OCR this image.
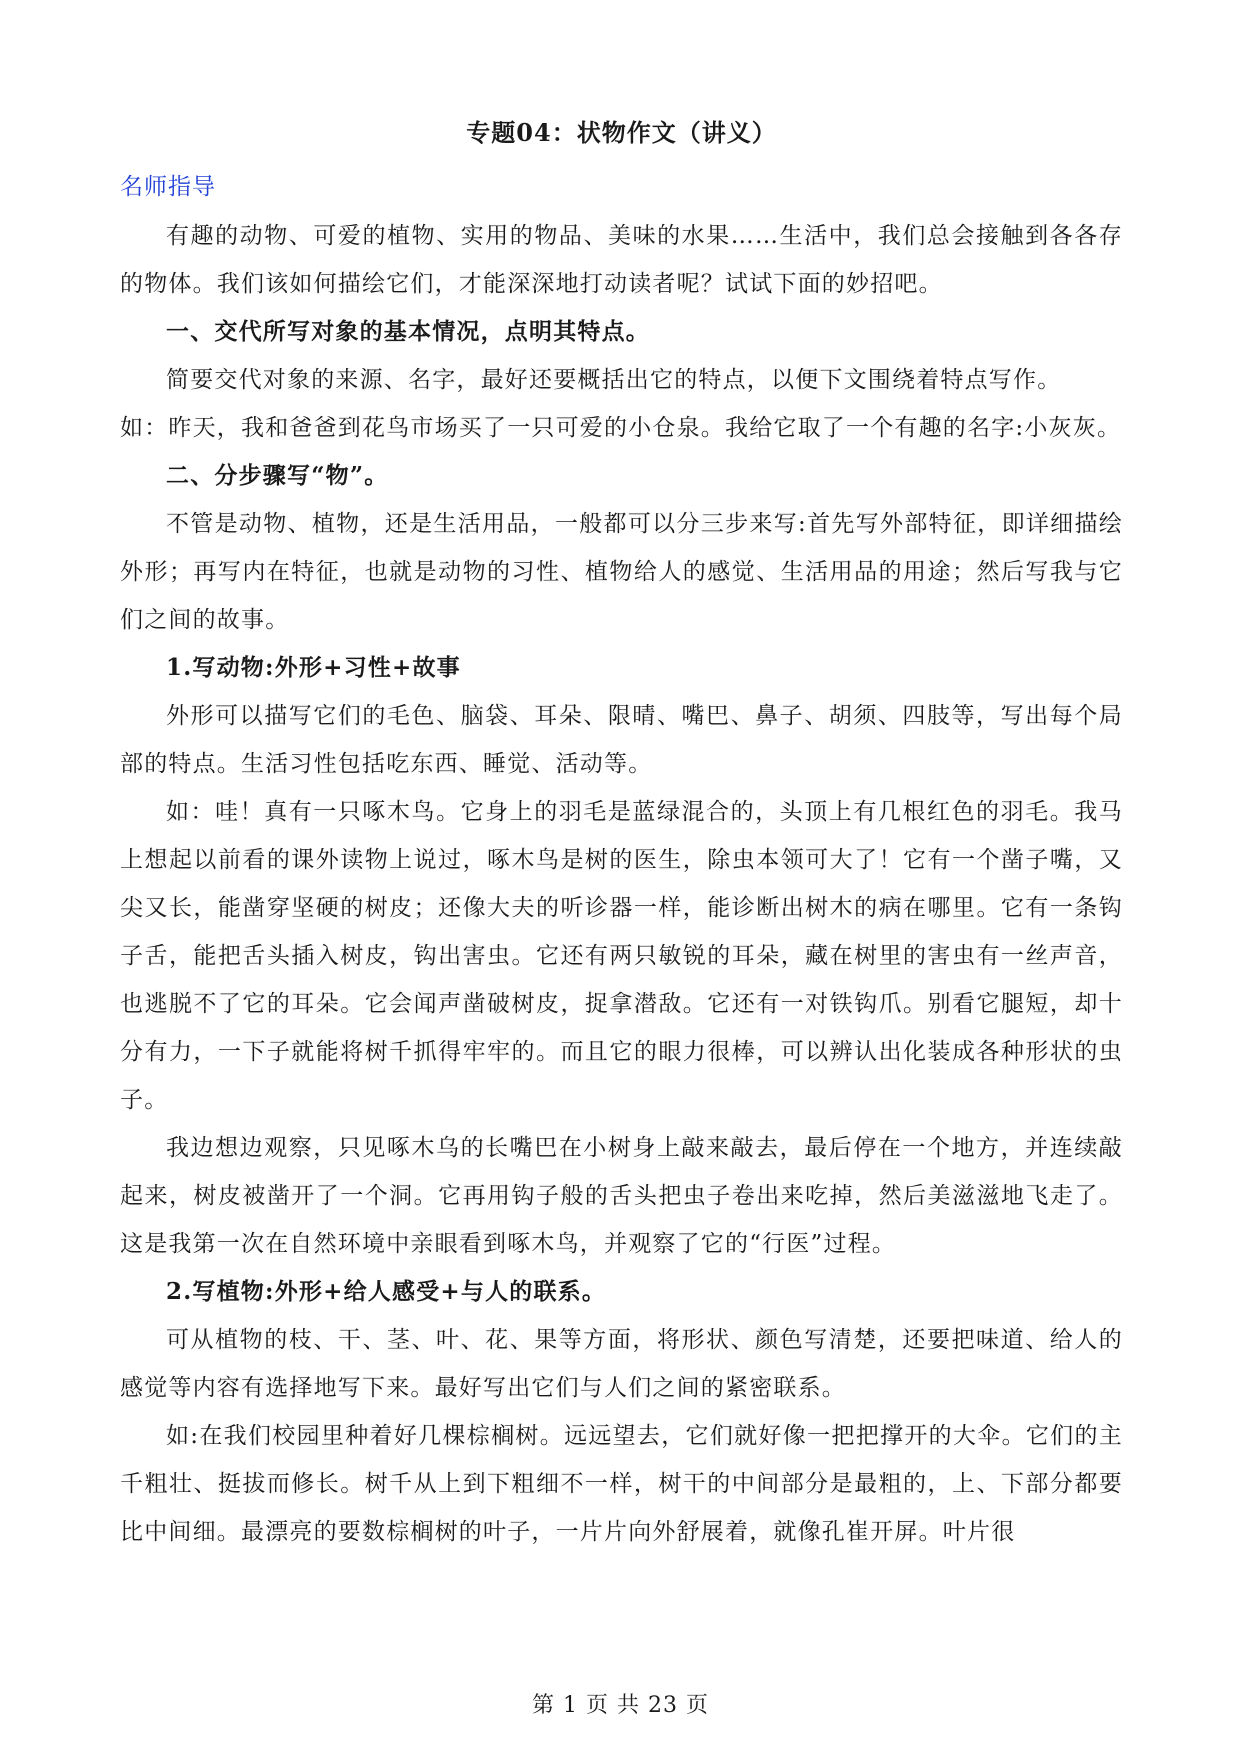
专题04：状物作文（讲义）
名师指导

有趣的动物、可爱的植物、实用的物品、美味的水果……生活中，我们总会接触到各各存的物体。我们该如何描绘它们，才能深深地打动读者呢？试试下面的妙招吧。

一、交代所写对象的基本情况，点明其特点。

简要交代对象的来源、名字，最好还要概括出它的特点，以便下文围绕着特点写作。

如：昨天，我和爸爸到花鸟市场买了一只可爱的小仓泉。我给它取了一个有趣的名字:小灰灰。

二、分步骤写“物”。

不管是动物、植物，还是生活用品，一般都可以分三步来写:首先写外部特征，即详细描绘外形；再写内在特征，也就是动物的习性、植物给人的感觉、生活用品的用途；然后写我与它们之间的故事。

1.写动物:外形+习性+故事

外形可以描写它们的毛色、脑袋、耳朵、限晴、嘴巴、鼻子、胡须、四肢等，写出每个局部的特点。生活习性包括吃东西、睡觉、活动等。

如：哇！真有一只啄木鸟。它身上的羽毛是蓝绿混合的，头顶上有几根红色的羽毛。我马上想起以前看的课外读物上说过，啄木鸟是树的医生，除虫本领可大了！它有一个凿子嘴，又尖又长，能凿穿坚硬的树皮；还像大夫的听诊器一样，能诊断出树木的病在哪里。它有一条钩子舌，能把舌头插入树皮，钩出害虫。它还有两只敏锐的耳朵，藏在树里的害虫有一丝声音，也逃脱不了它的耳朵。它会闻声凿破树皮，捉拿潜敌。它还有一对铁钩爪。别看它腿短，却十分有力，一下子就能将树千抓得牢牢的。而且它的眼力很棒，可以辨认出化装成各种形状的虫子。

我边想边观察，只见啄木乌的长嘴巴在小树身上敲来敲去，最后停在一个地方，并连续敲起来，树皮被凿开了一个洞。它再用钩子般的舌头把虫子卷出来吃掉，然后美滋滋地飞走了。这是我第一次在自然环境中亲眼看到啄木鸟，并观察了它的“行医”过程。

2.写植物:外形+给人感受+与人的联系。

可从植物的枝、干、茎、叶、花、果等方面，将形状、颜色写清楚，还要把味道、给人的感觉等内容有选择地写下来。最好写出它们与人们之间的紧密联系。

如:在我们校园里种着好几棵棕榈树。远远望去，它们就好像一把把撑开的大伞。它们的主千粗壮、挺拔而修长。树千从上到下粗细不一样，树干的中间部分是最粗的，上、下部分都要比中间细。最漂亮的要数棕榈树的叶子，一片片向外舒展着，就像孔崔开屏。叶片很

第 1 页 共 23 页
